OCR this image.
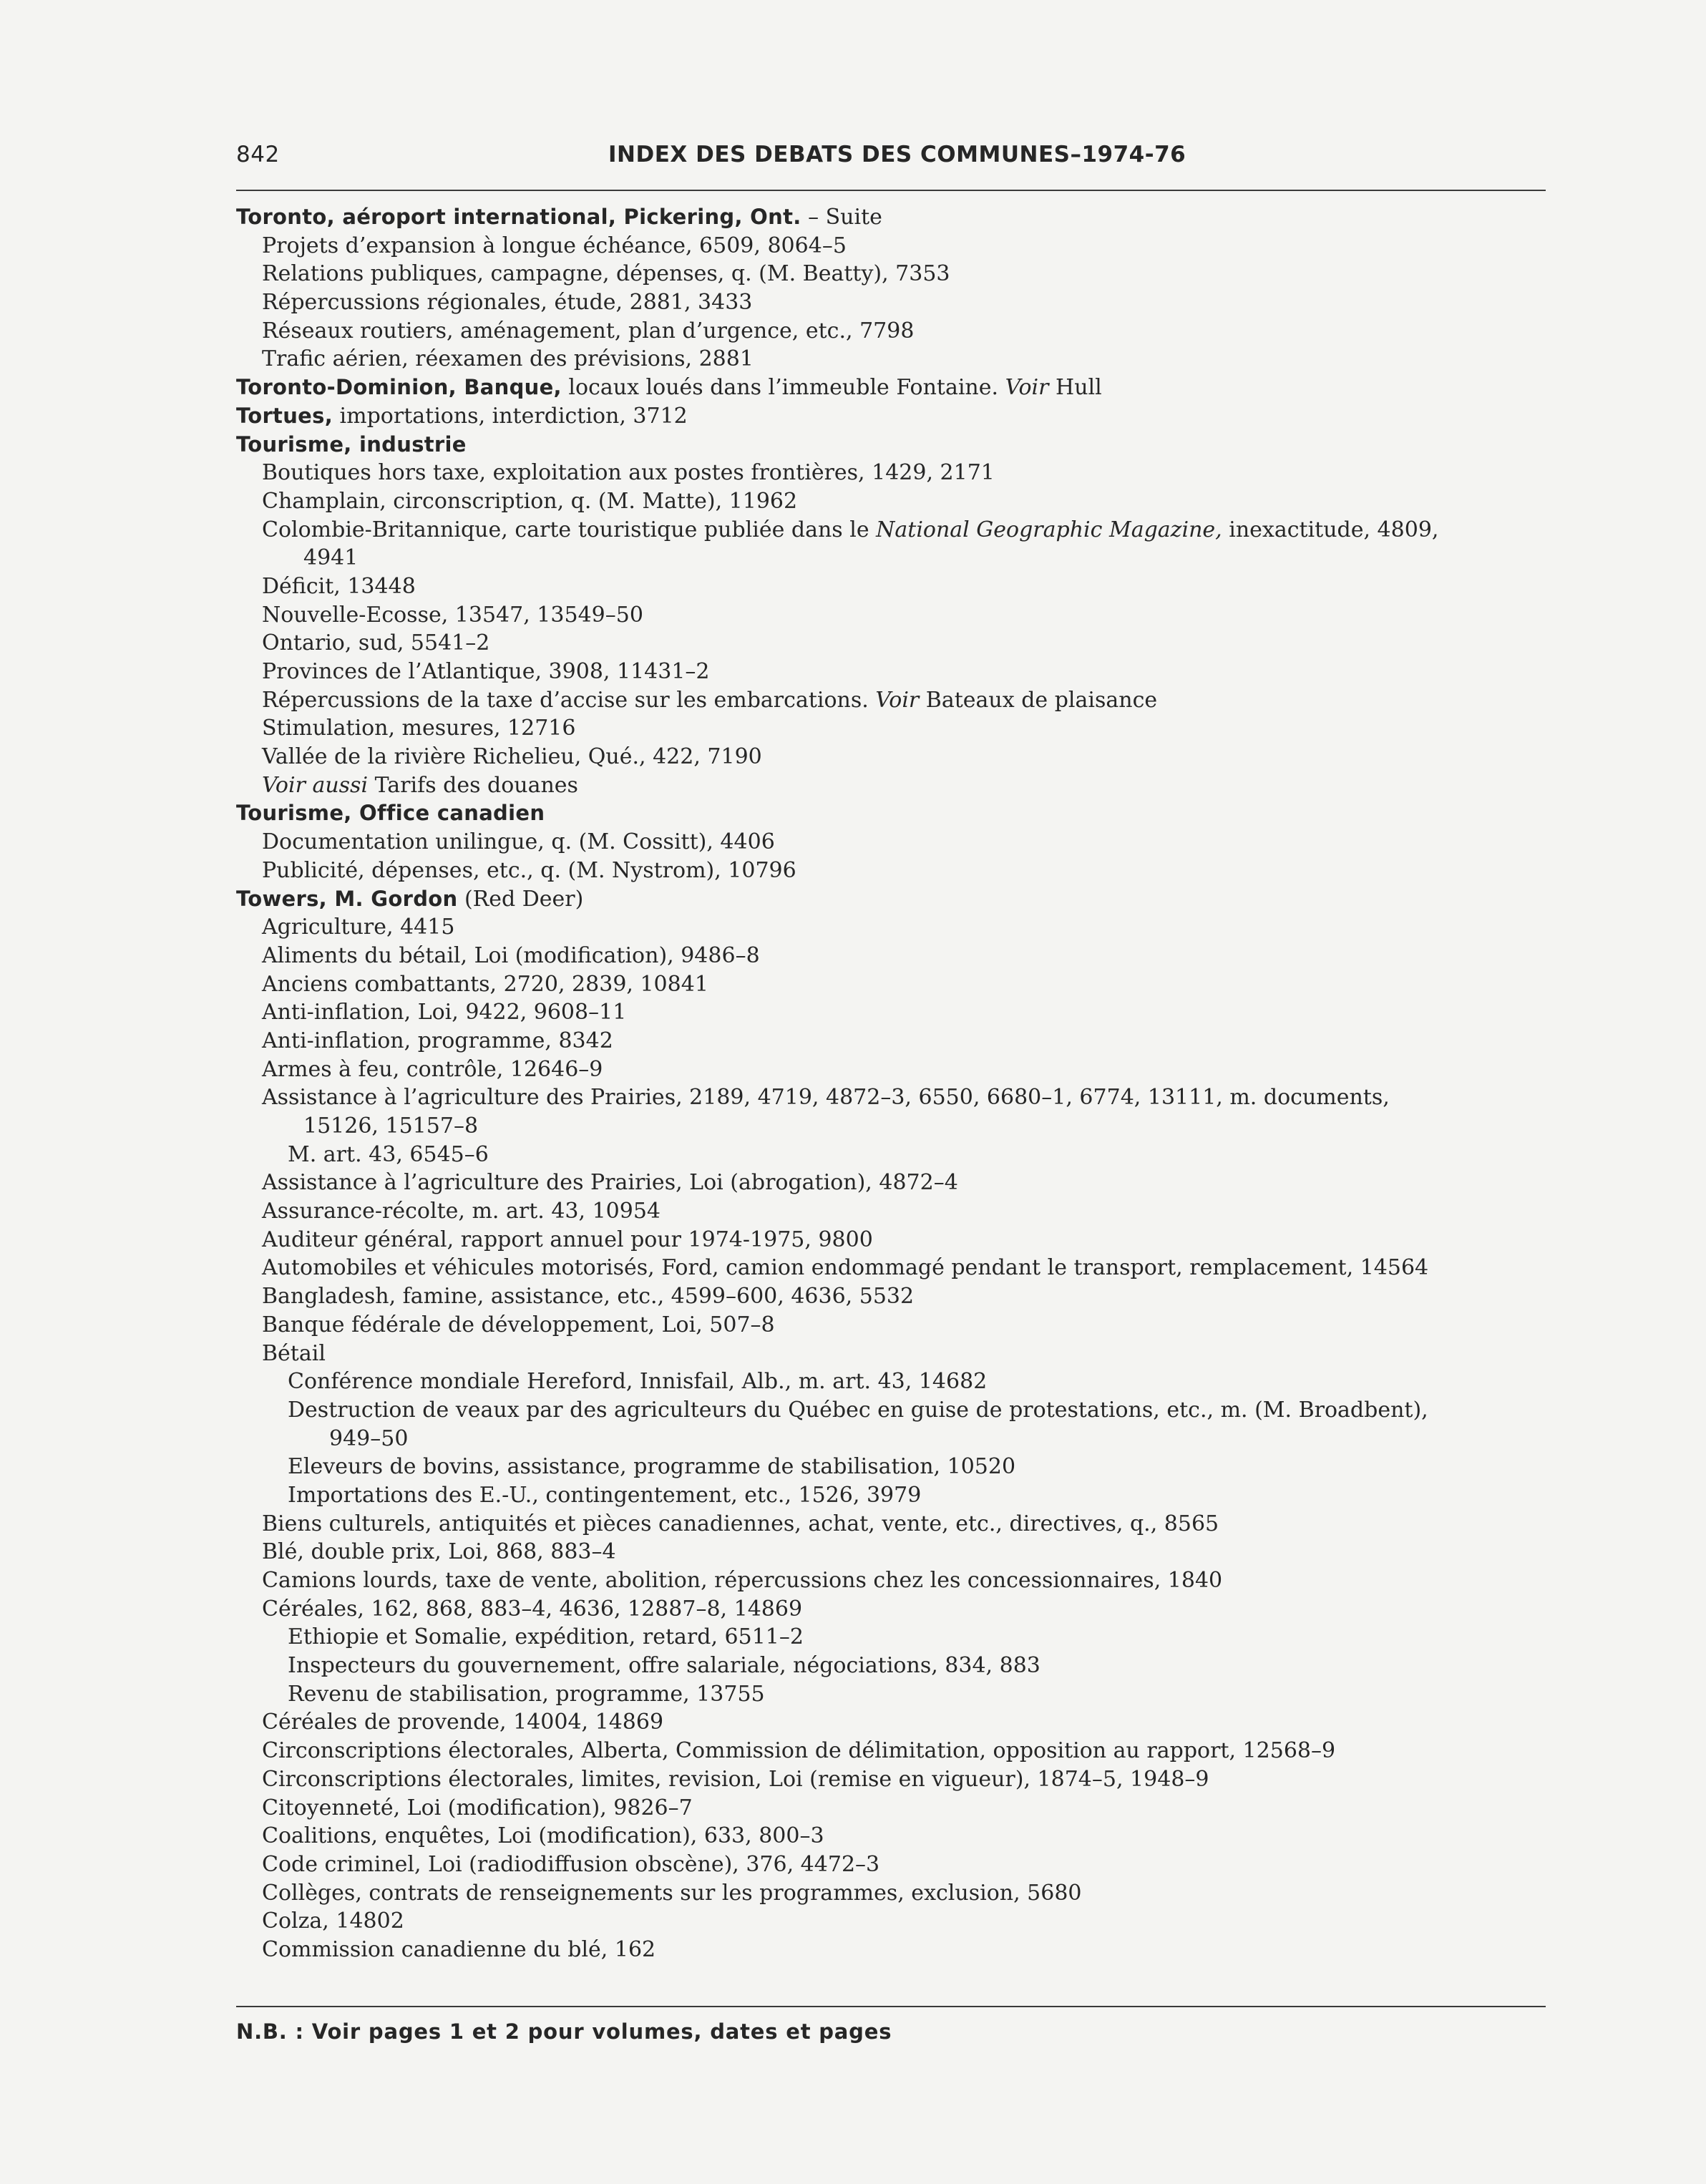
842	INDEX DES DEBATS DES COMMUNES–1974-76
Toronto, aéroport international, Pickering, Ont. – Suite
Projets d’expansion à longue échéance, 6509, 8064–5
Relations publiques, campagne, dépenses, q. (M. Beatty), 7353
Répercussions régionales, étude, 2881, 3433
Réseaux routiers, aménagement, plan d’urgence, etc., 7798
Trafic aérien, réexamen des prévisions, 2881
Toronto-Dominion, Banque, locaux loués dans l’immeuble Fontaine. Voir Hull
Tortues, importations, interdiction, 3712
Tourisme, industrie
Boutiques hors taxe, exploitation aux postes frontières, 1429, 2171
Champlain, circonscription, q. (M. Matte), 11962
Colombie-Britannique, carte touristique publiée dans le National Geographic Magazine, inexactitude, 4809,
4941
Déficit, 13448
Nouvelle-Ecosse, 13547, 13549–50
Ontario, sud, 5541–2
Provinces de l’Atlantique, 3908, 11431–2
Répercussions de la taxe d’accise sur les embarcations. Voir Bateaux de plaisance
Stimulation, mesures, 12716
Vallée de la rivière Richelieu, Qué., 422, 7190
Voir aussi Tarifs des douanes
Tourisme, Office canadien
Documentation unilingue, q. (M. Cossitt), 4406
Publicité, dépenses, etc., q. (M. Nystrom), 10796
Towers, M. Gordon (Red Deer)
Agriculture, 4415
Aliments du bétail, Loi (modification), 9486–8
Anciens combattants, 2720, 2839, 10841
Anti-inflation, Loi, 9422, 9608–11
Anti-inflation, programme, 8342
Armes à feu, contrôle, 12646–9
Assistance à l’agriculture des Prairies, 2189, 4719, 4872–3, 6550, 6680–1, 6774, 13111, m. documents,
15126, 15157–8
M. art. 43, 6545–6
Assistance à l’agriculture des Prairies, Loi (abrogation), 4872–4
Assurance-récolte, m. art. 43, 10954
Auditeur général, rapport annuel pour 1974-1975, 9800
Automobiles et véhicules motorisés, Ford, camion endommagé pendant le transport, remplacement, 14564
Bangladesh, famine, assistance, etc., 4599–600, 4636, 5532
Banque fédérale de développement, Loi, 507–8
Bétail
Conférence mondiale Hereford, Innisfail, Alb., m. art. 43, 14682
Destruction de veaux par des agriculteurs du Québec en guise de protestations, etc., m. (M. Broadbent),
949–50
Eleveurs de bovins, assistance, programme de stabilisation, 10520
Importations des E.-U., contingentement, etc., 1526, 3979
Biens culturels, antiquités et pièces canadiennes, achat, vente, etc., directives, q., 8565
Blé, double prix, Loi, 868, 883–4
Camions lourds, taxe de vente, abolition, répercussions chez les concessionnaires, 1840
Céréales, 162, 868, 883–4, 4636, 12887–8, 14869
Ethiopie et Somalie, expédition, retard, 6511–2
Inspecteurs du gouvernement, offre salariale, négociations, 834, 883
Revenu de stabilisation, programme, 13755
Céréales de provende, 14004, 14869
Circonscriptions électorales, Alberta, Commission de délimitation, opposition au rapport, 12568–9
Circonscriptions électorales, limites, revision, Loi (remise en vigueur), 1874–5, 1948–9
Citoyenneté, Loi (modification), 9826–7
Coalitions, enquêtes, Loi (modification), 633, 800–3
Code criminel, Loi (radiodiffusion obscène), 376, 4472–3
Collèges, contrats de renseignements sur les programmes, exclusion, 5680
Colza, 14802
Commission canadienne du blé, 162
N.B. : Voir pages 1 et 2 pour volumes, dates et pages
